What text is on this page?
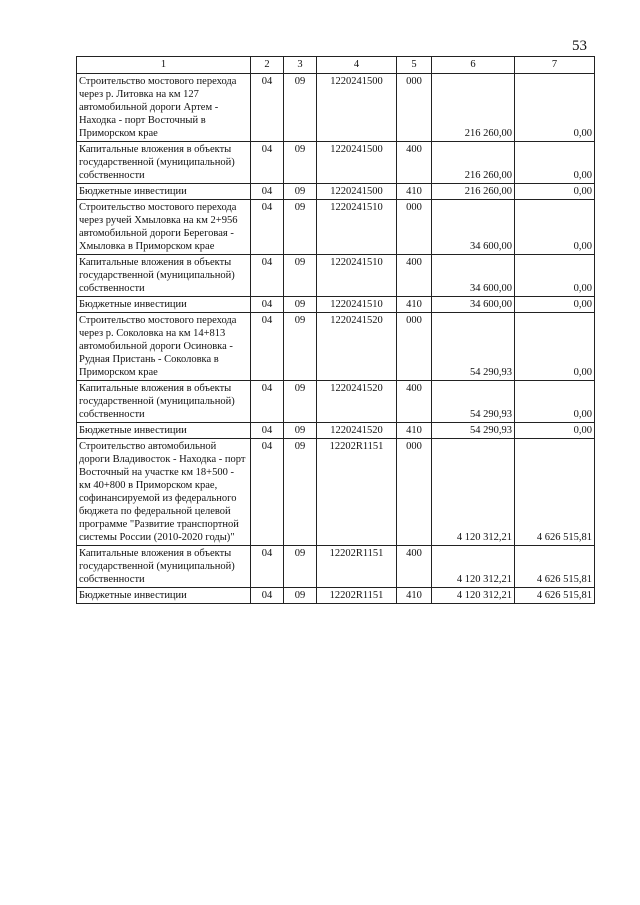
53
1	2	3	4	5	6	7
Строительство мостового перехода через р. Литовка на км 127 автомобильной дороги Артем - Находка - порт Восточный в Приморском крае	04	09	1220241500	000	216 260,00	0,00
Капитальные вложения в объекты государственной (муниципальной) собственности	04	09	1220241500	400	216 260,00	0,00
Бюджетные инвестиции	04	09	1220241500	410	216 260,00	0,00
Строительство мостового перехода через ручей Хмыловка на км 2+956 автомобильной дороги Береговая - Хмыловка в Приморском крае	04	09	1220241510	000	34 600,00	0,00
Капитальные вложения в объекты государственной (муниципальной) собственности	04	09	1220241510	400	34 600,00	0,00
Бюджетные инвестиции	04	09	1220241510	410	34 600,00	0,00
Строительство мостового перехода через р. Соколовка на км 14+813 автомобильной дороги Осиновка - Рудная Пристань - Соколовка в Приморском крае	04	09	1220241520	000	54 290,93	0,00
Капитальные вложения в объекты государственной (муниципальной) собственности	04	09	1220241520	400	54 290,93	0,00
Бюджетные инвестиции	04	09	1220241520	410	54 290,93	0,00
Строительство автомобильной дороги Владивосток - Находка - порт Восточный на участке км 18+500 - км 40+800 в Приморском крае, софинансируемой из федерального бюджета по федеральной целевой программе "Развитие транспортной системы России (2010-2020 годы)"	04	09	12202R1151	000	4 120 312,21	4 626 515,81
Капитальные вложения в объекты государственной (муниципальной) собственности	04	09	12202R1151	400	4 120 312,21	4 626 515,81
Бюджетные инвестиции	04	09	12202R1151	410	4 120 312,21	4 626 515,81
